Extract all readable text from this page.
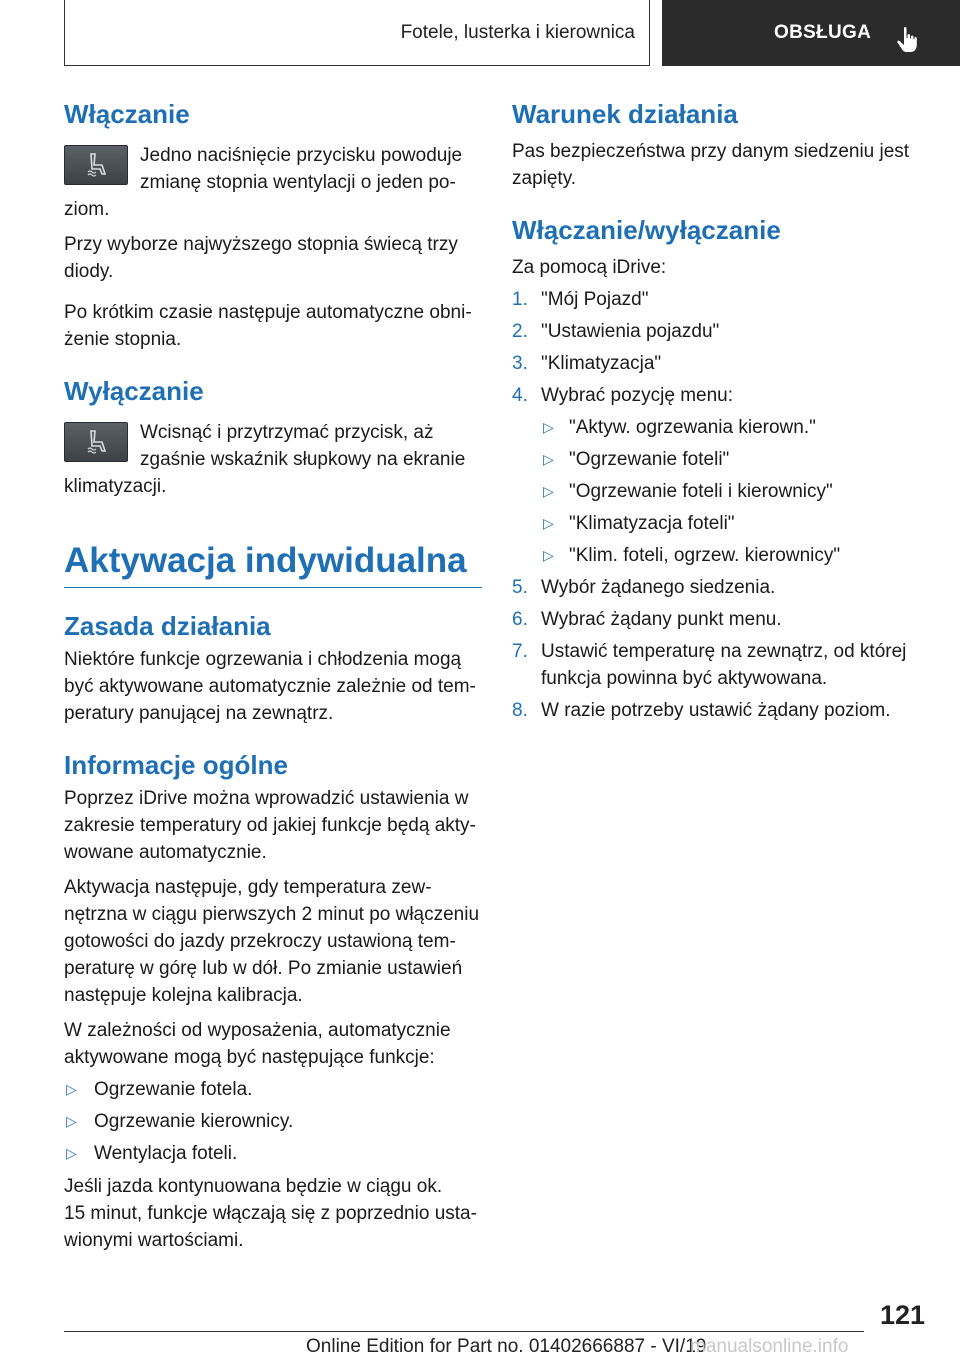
Fotele, lusterka i kierownica	OBSŁUGA
Włączanie

Jedno naciśnięcie przycisku powoduje zmianę stopnia wentylacji o jeden poziom.

Przy wyborze najwyższego stopnia świecą trzy diody.

Po krótkim czasie następuje automatyczne obniżenie stopnia.

Wyłączanie

Wcisnąć i przytrzymać przycisk, aż zgaśnie wskaźnik słupkowy na ekranie klimatyzacji.

Aktywacja indywidualna
Zasada działania

Niektóre funkcje ogrzewania i chłodzenia mogą być aktywowane automatycznie zależnie od temperatury panującej na zewnątrz.

Informacje ogólne

Poprzez iDrive można wprowadzić ustawienia w zakresie temperatury od jakiej funkcje będą aktywowane automatycznie.

Aktywacja następuje, gdy temperatura zewnętrzna w ciągu pierwszych 2 minut po włączeniu gotowości do jazdy przekroczy ustawioną temperaturę w górę lub w dół. Po zmianie ustawień następuje kolejna kalibracja.

W zależności od wyposażenia, automatycznie aktywowane mogą być następujące funkcje:

▷ Ogrzewanie fotela.
▷ Ogrzewanie kierownicy.
▷ Wentylacja foteli.

Jeśli jazda kontynuowana będzie w ciągu ok.

15 minut, funkcje włączają się z poprzednio ustawionymi wartościami.

Warunek działania

Pas bezpieczeństwa przy danym siedzeniu jest zapięty.

Włączanie/wyłączanie

Za pomocą iDrive:

1. "Mój Pojazd"
2. "Ustawienia pojazdu"
3. "Klimatyzacja"
4. Wybrać pozycję menu:
▷ "Aktyw. ogrzewania kierown."
▷ "Ogrzewanie foteli"
▷ "Ogrzewanie foteli i kierownicy"
▷ "Klimatyzacja foteli"
▷ "Klim. foteli, ogrzew. kierownicy"
5. Wybór żądanego siedzenia.
6. Wybrać żądany punkt menu.
7. Ustawić temperaturę na zewnątrz, od której funkcja powinna być aktywowana.
8. W razie potrzeby ustawić żądany poziom.
121
Online Edition for Part no. 01402666887 - VI/19
manualsonline.info
